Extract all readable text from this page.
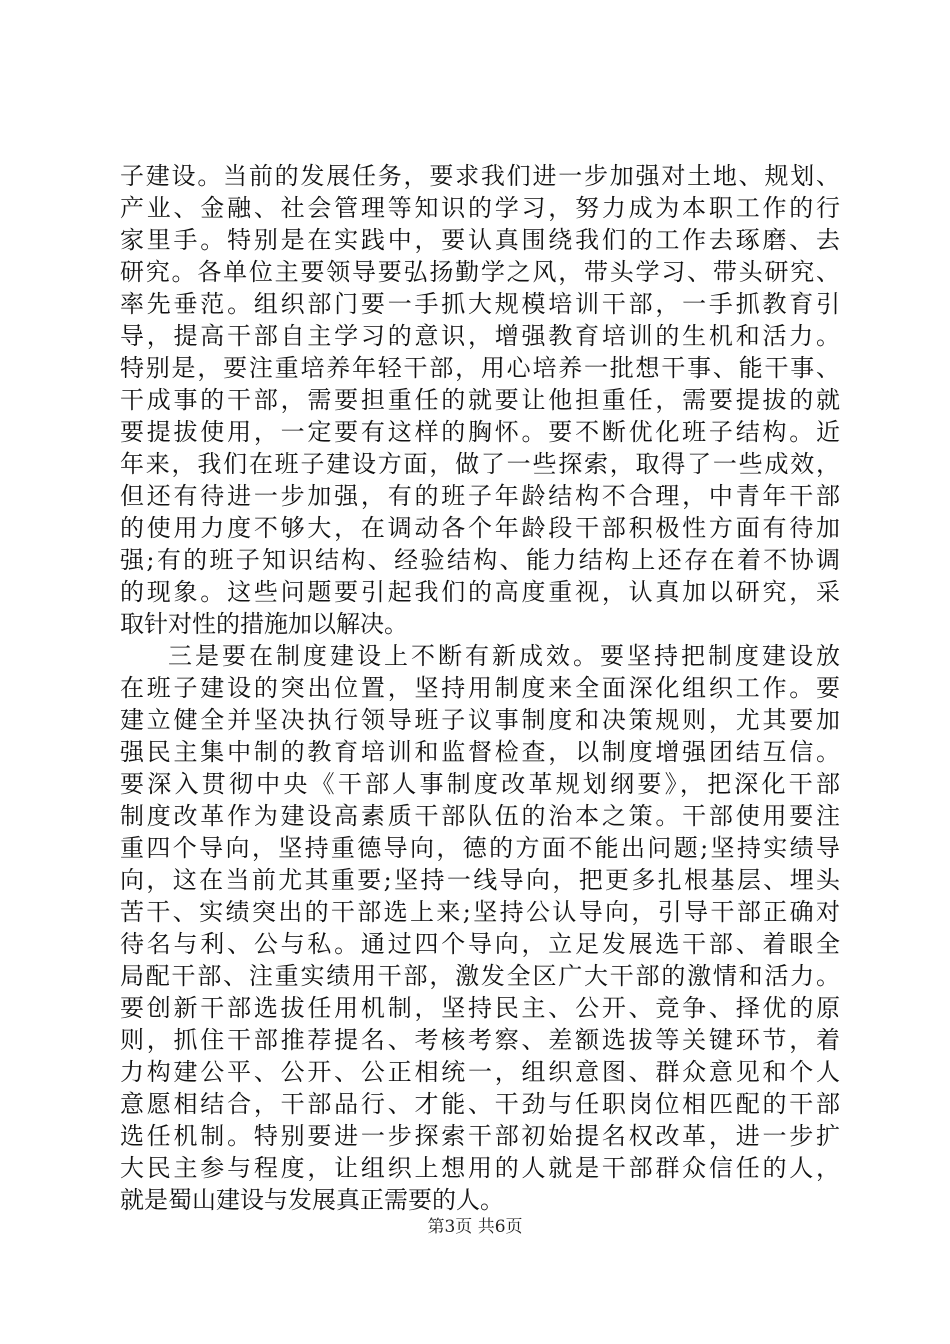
子建设。当前的发展任务，要求我们进一步加强对土地、规划、
产业、金融、社会管理等知识的学习，努力成为本职工作的行
家里手。特别是在实践中，要认真围绕我们的工作去琢磨、去
研究。各单位主要领导要弘扬勤学之风，带头学习、带头研究、
率先垂范。组织部门要一手抓大规模培训干部，一手抓教育引
导，提高干部自主学习的意识，增强教育培训的生机和活力。
特别是，要注重培养年轻干部，用心培养一批想干事、能干事、
干成事的干部，需要担重任的就要让他担重任，需要提拔的就
要提拔使用，一定要有这样的胸怀。要不断优化班子结构。近
年来，我们在班子建设方面，做了一些探索，取得了一些成效，
但还有待进一步加强，有的班子年龄结构不合理，中青年干部
的使用力度不够大，在调动各个年龄段干部积极性方面有待加
强;有的班子知识结构、经验结构、能力结构上还存在着不协调
的现象。这些问题要引起我们的高度重视，认真加以研究，采
取针对性的措施加以解决。
三是要在制度建设上不断有新成效。要坚持把制度建设放
在班子建设的突出位置，坚持用制度来全面深化组织工作。要
建立健全并坚决执行领导班子议事制度和决策规则，尤其要加
强民主集中制的教育培训和监督检查，以制度增强团结互信。
要深入贯彻中央《干部人事制度改革规划纲要》，把深化干部
制度改革作为建设高素质干部队伍的治本之策。干部使用要注
重四个导向，坚持重德导向，德的方面不能出问题;坚持实绩导
向，这在当前尤其重要;坚持一线导向，把更多扎根基层、埋头
苦干、实绩突出的干部选上来;坚持公认导向，引导干部正确对
待名与利、公与私。通过四个导向，立足发展选干部、着眼全
局配干部、注重实绩用干部，激发全区广大干部的激情和活力。
要创新干部选拔任用机制，坚持民主、公开、竞争、择优的原
则，抓住干部推荐提名、考核考察、差额选拔等关键环节，着
力构建公平、公开、公正相统一，组织意图、群众意见和个人
意愿相结合，干部品行、才能、干劲与任职岗位相匹配的干部
选任机制。特别要进一步探索干部初始提名权改革，进一步扩
大民主参与程度，让组织上想用的人就是干部群众信任的人，
就是蜀山建设与发展真正需要的人。
第3页 共6页
